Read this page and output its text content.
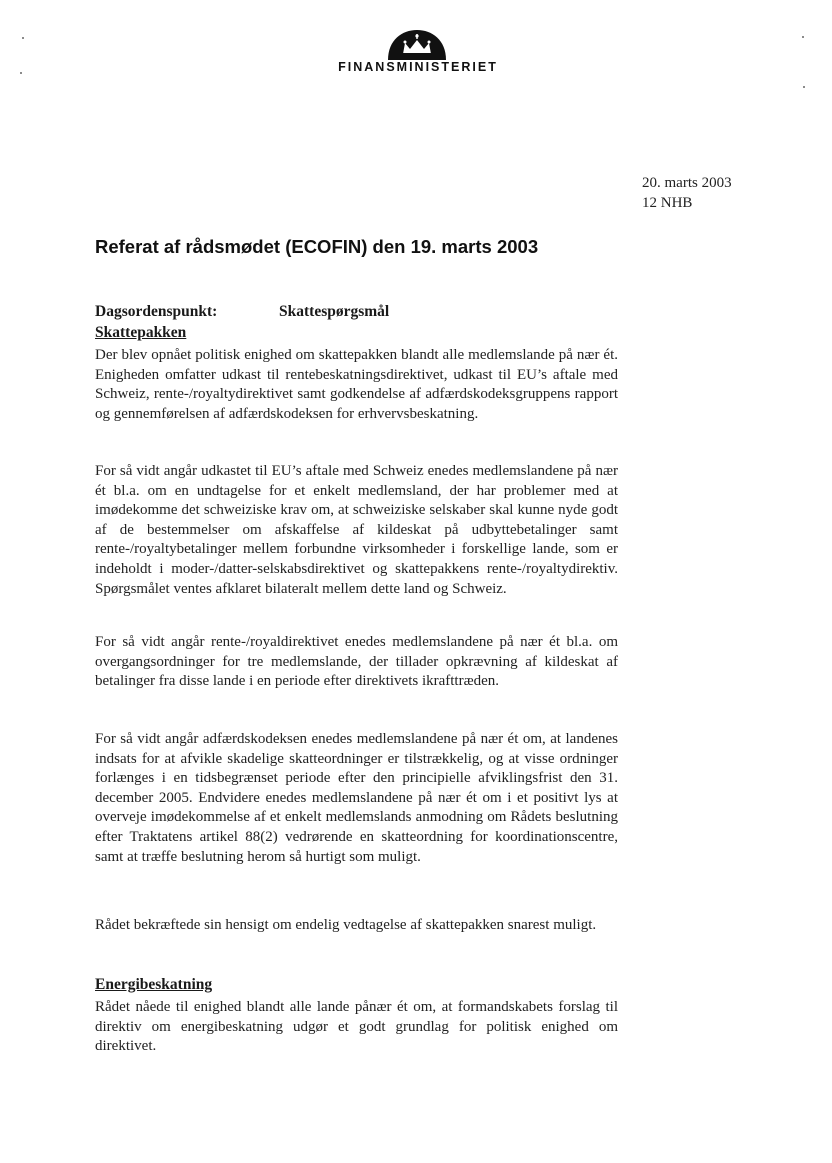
FINANSMINISTERIET
20. marts 2003
12 NHB
Referat af rådsmødet (ECOFIN) den 19. marts 2003
Dagsordenspunkt:	Skattespørgsmål
Skattepakken
Der blev opnået politisk enighed om skattepakken blandt alle medlemslande på nær ét. Enigheden omfatter udkast til rentebeskatningsdirektivet, udkast til EU’s aftale med Schweiz, rente-/royaltydirektivet samt godkendelse af adfærdskodeksgruppens rapport og gennemførelsen af adfærdskodeksen for erhvervsbeskatning.
For så vidt angår udkastet til EU’s aftale med Schweiz enedes medlemslandene på nær ét bl.a. om en undtagelse for et enkelt medlemsland, der har problemer med at imødekomme det schweiziske krav om, at schweiziske selskaber skal kunne nyde godt af de bestemmelser om afskaffelse af kildeskat på udbyttebetalinger samt rente-/royaltybetalinger mellem forbundne virksomheder i forskellige lande, som er indeholdt i moder-/datter-selskabsdirektivet og skattepakkens rente-/royaltydirektiv. Spørgsmålet ventes afklaret bilateralt mellem dette land og Schweiz.
For så vidt angår rente-/royaldirektivet enedes medlemslandene på nær ét bl.a. om overgangsordninger for tre medlemslande, der tillader opkrævning af kildeskat af betalinger fra disse lande i en periode efter direktivets ikrafttræden.
For så vidt angår adfærdskodeksen enedes medlemslandene på nær ét om, at landenes indsats for at afvikle skadelige skatteordninger er tilstrækkelig, og at visse ordninger forlænges i en tidsbegrænset periode efter den principielle afviklingsfrist den 31. december 2005. Endvidere enedes medlemslandene på nær ét om i et positivt lys at overveje imødekommelse af et enkelt medlemslands anmodning om Rådets beslutning efter Traktatens artikel 88(2) vedrørende en skatteordning for koordinationscentre, samt at træffe beslutning herom så hurtigt som muligt.
Rådet bekræftede sin hensigt om endelig vedtagelse af skattepakken snarest muligt.
Energibeskatning
Rådet nåede til enighed blandt alle lande pånær ét om, at formandskabets forslag til direktiv om energibeskatning udgør et godt grundlag for politisk enighed om direktivet.
